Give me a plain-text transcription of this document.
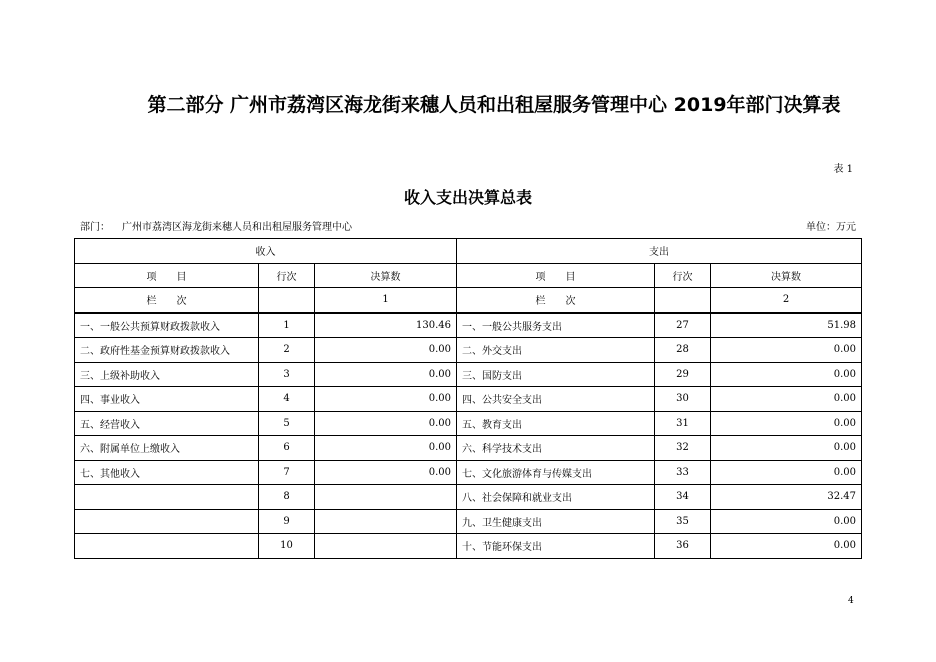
第二部分 广州市荔湾区海龙街来穗人员和出租屋服务管理中心 2019年部门决算表
表 1
收入支出决算总表
部门： 广州市荔湾区海龙街来穗人员和出租屋服务管理中心	单位：万元
收入			支出		
项　　目	行次	决算数	项　　目	行次	决算数
栏　　次		1	栏　　次		2
一、一般公共预算财政拨款收入	1	130.46	一、一般公共服务支出	27	51.98
二、政府性基金预算财政拨款收入	2	0.00	二、外交支出	28	0.00
三、上级补助收入	3	0.00	三、国防支出	29	0.00
四、事业收入	4	0.00	四、公共安全支出	30	0.00
五、经营收入	5	0.00	五、教育支出	31	0.00
六、附属单位上缴收入	6	0.00	六、科学技术支出	32	0.00
七、其他收入	7	0.00	七、文化旅游体育与传媒支出	33	0.00
	8		八、社会保障和就业支出	34	32.47
	9		九、卫生健康支出	35	0.00
	10		十、节能环保支出	36	0.00
4
